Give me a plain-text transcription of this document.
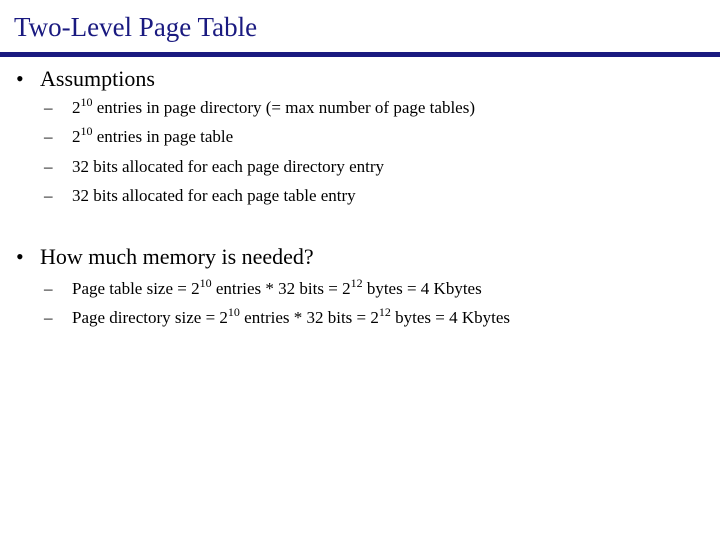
Two-Level Page Table
• Assumptions
– $2^{10}$ entries in page directory (= max number of page tables)
– $2^{10}$ entries in page table
– 32 bits allocated for each page directory entry
– 32 bits allocated for each page table entry
• How much memory is needed?
– Page table size = $2^{10}$ entries * 32 bits = $2^{12}$ bytes = 4 Kbytes
– Page directory size = $2^{10}$ entries * 32 bits = $2^{12}$ bytes = 4 Kbytes
